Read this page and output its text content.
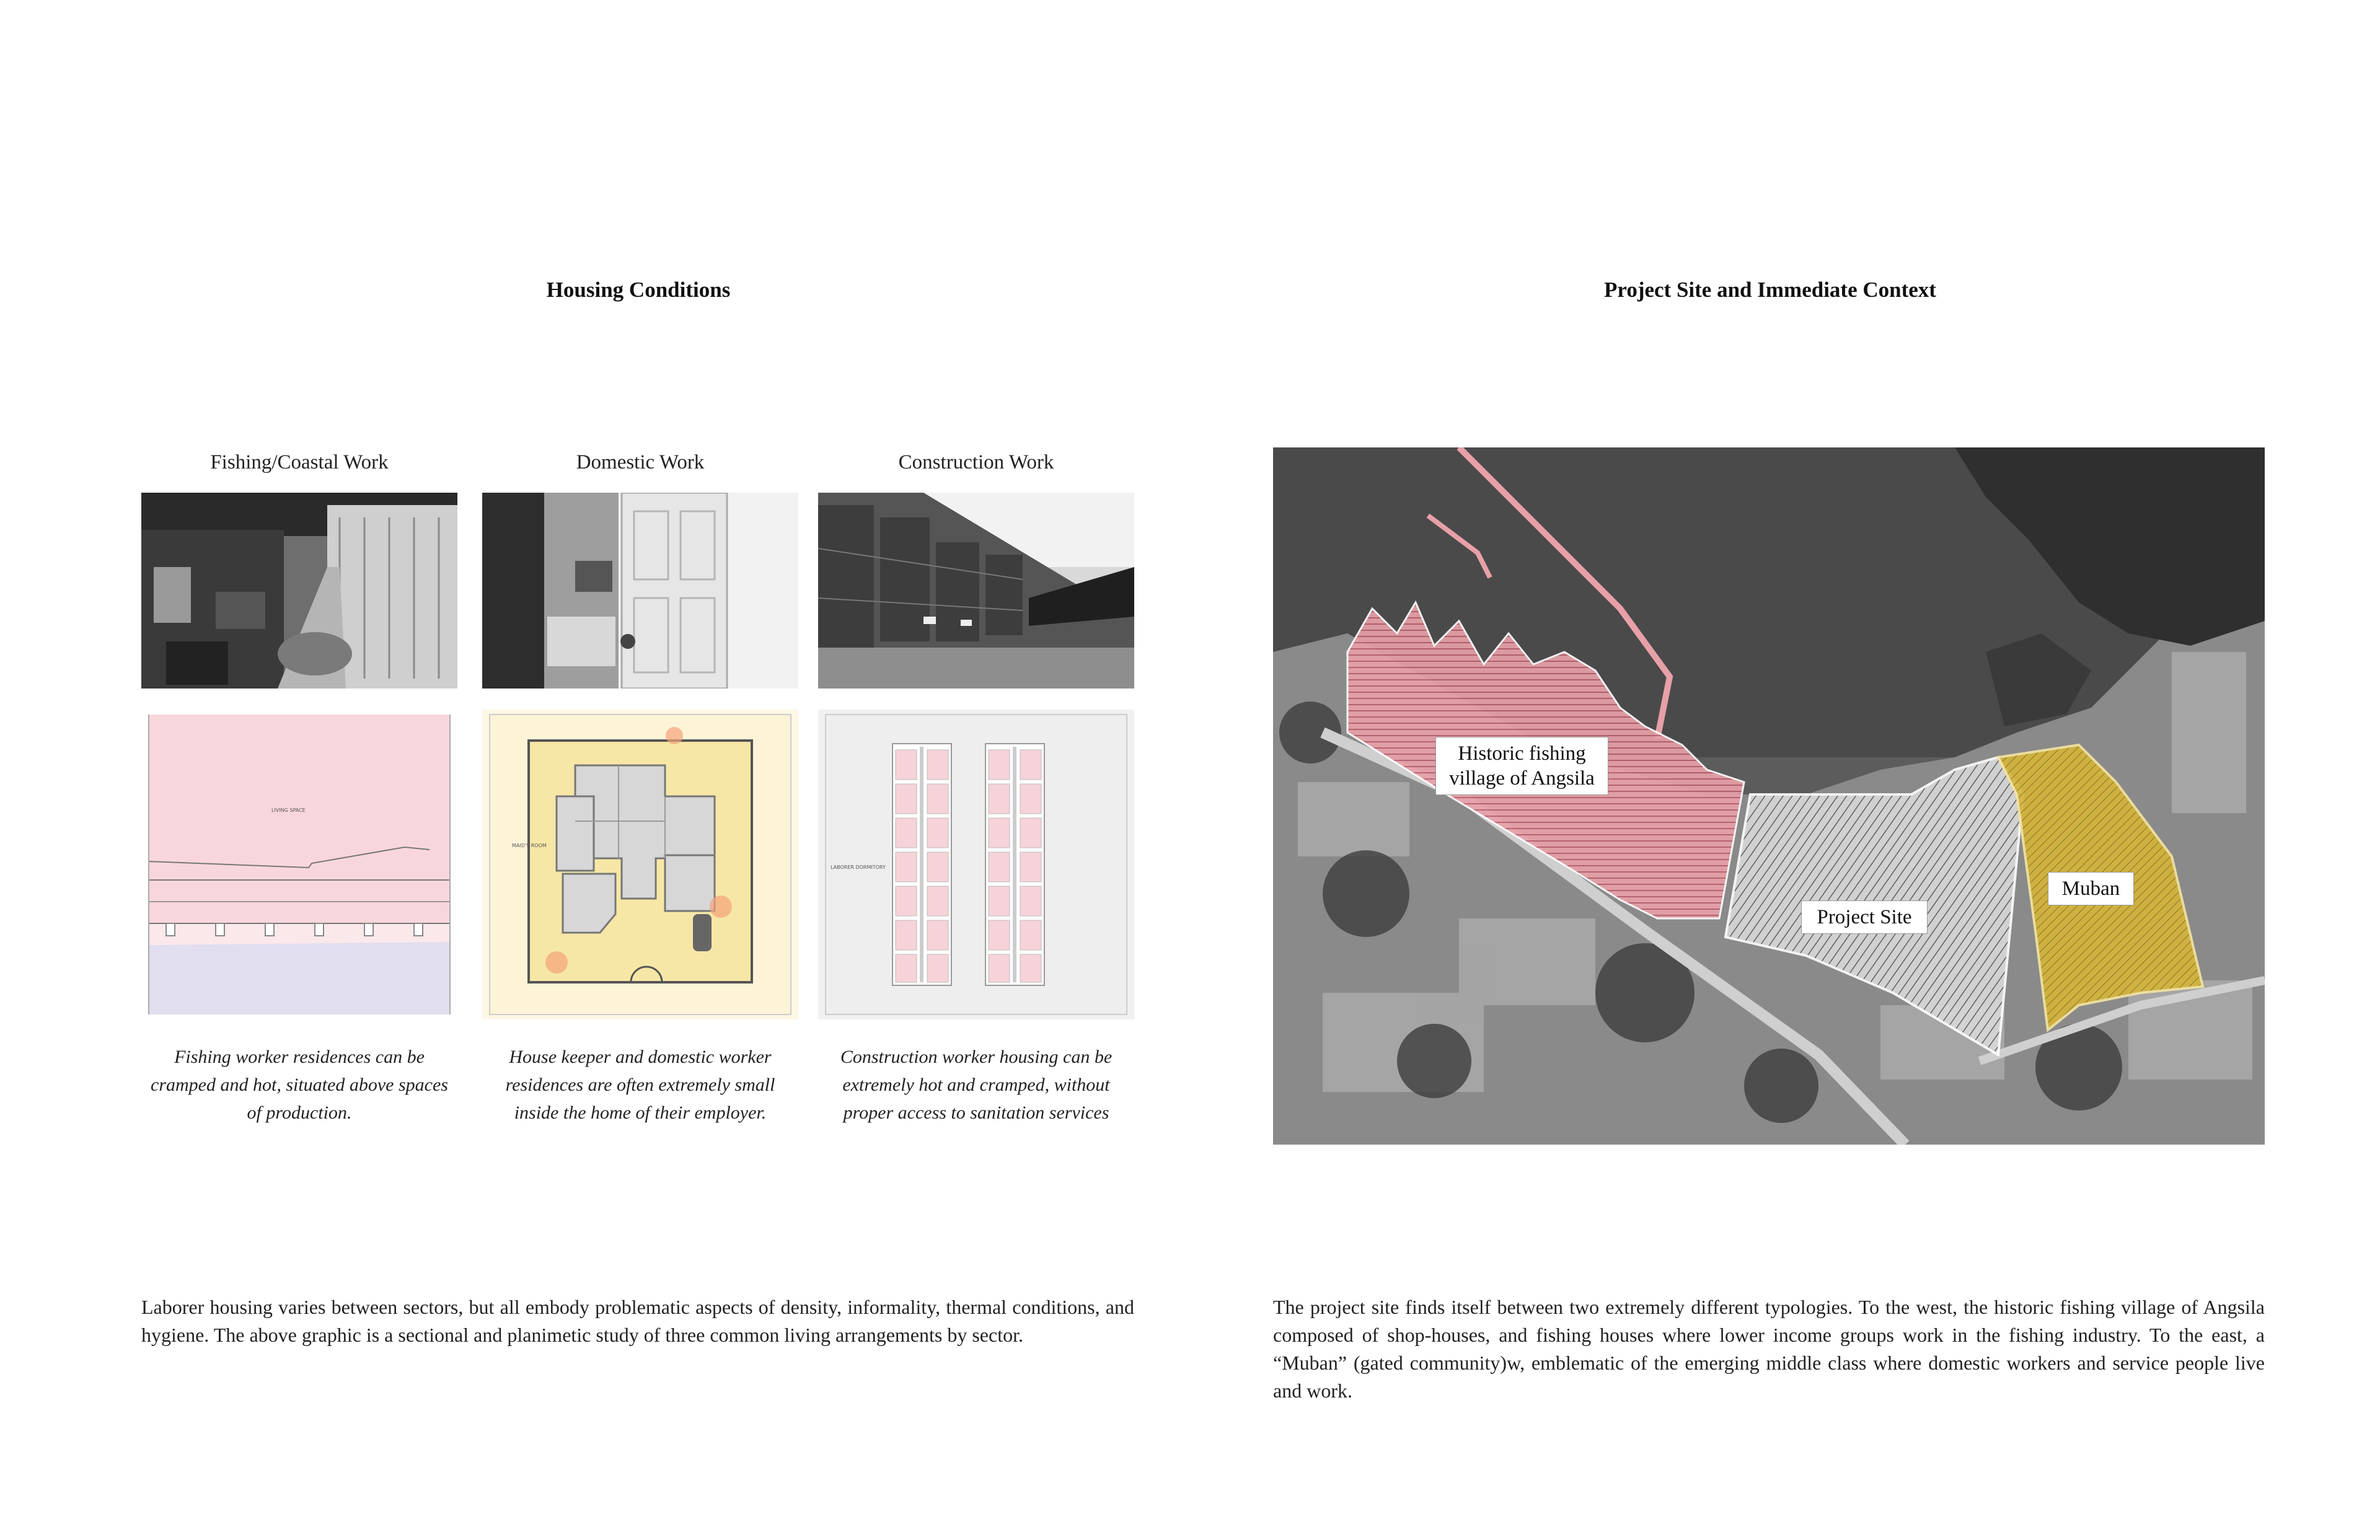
Housing Conditions
Fishing/Coastal Work	Domestic Work	Construction Work
LIVING SPACE
MAID'S ROOM
LABORER DORMITORY
Fishing worker residences can be
cramped and hot, situated above spaces
of production.
House keeper and domestic worker
residences are often extremely small
inside the home of their employer.
Construction worker housing can be
extremely hot and cramped, without
proper access to sanitation services
Laborer housing varies between sectors, but all embody problematic aspects of density, informality, thermal conditions, and hygiene. The above graphic is a sectional and planimetic study of three common living arrangements by sector.
Project Site and Immediate Context
Historic fishing
village of Angsila
Project Site
Muban
The project site finds itself between two extremely different typologies. To the west, the historic fishing village of Angsila composed of shop-houses, and fishing houses where lower income groups work in the fishing industry. To the east, a “Muban” (gated community)w, emblematic of the emerging middle class where domestic workers and service people live and work.
